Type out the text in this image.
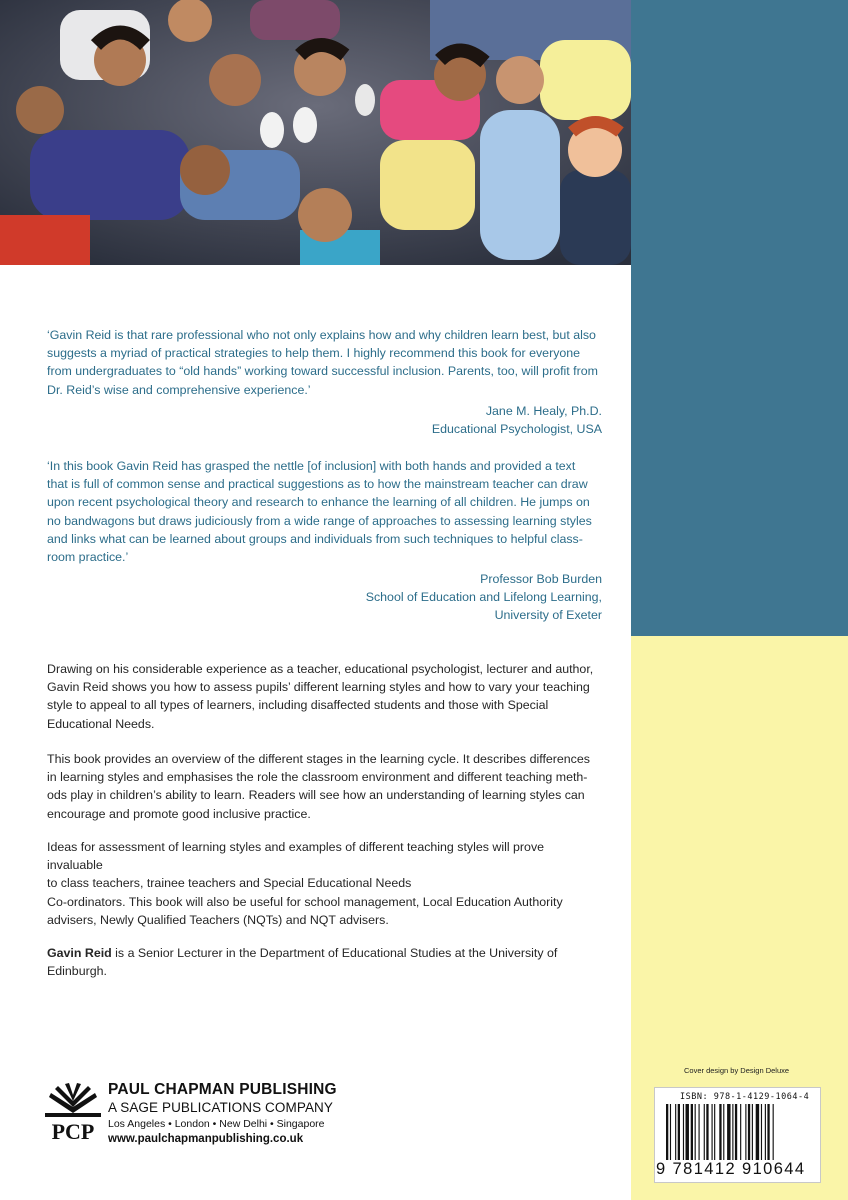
‘Gavin Reid is that rare professional who not only explains how and why children learn best, but also

suggests a myriad of practical strategies to help them. I highly recommend this book for everyone

from undergraduates to “old hands” working toward successful inclusion. Parents, too, will profit from

Dr. Reid’s wise and comprehensive experience.’

Jane M. Healy, Ph.D.
Educational Psychologist, USA

‘In this book Gavin Reid has grasped the nettle [of inclusion] with both hands and provided a text

that is full of common sense and practical suggestions as to how the mainstream teacher can draw

upon recent psychological theory and research to enhance the learning of all children. He jumps on

no bandwagons but draws judiciously from a wide range of approaches to assessing learning styles

and links what can be learned about groups and individuals from such techniques to helpful class-

room practice.’

Professor Bob Burden
School of Education and Lifelong Learning,
University of Exeter

Drawing on his considerable experience as a teacher, educational psychologist, lecturer and author,

Gavin Reid shows you how to assess pupils’ different learning styles and how to vary your teaching

style to appeal to all types of learners, including disaffected students and those with Special

Educational Needs.

This book provides an overview of the different stages in the learning cycle. It describes differences

in learning styles and emphasises the role the classroom environment and different teaching meth-

ods play in children’s ability to learn. Readers will see how an understanding of learning styles can

encourage and promote good inclusive practice.

Ideas for assessment of learning styles and examples of different teaching styles will prove invaluable

to class teachers, trainee teachers and Special Educational Needs

Co-ordinators. This book will also be useful for school management, Local Education Authority

advisers, Newly Qualified Teachers (NQTs) and NQT advisers.

Gavin Reid is a Senior Lecturer in the Department of Educational Studies at the University of
Edinburgh.
PCP
PAUL CHAPMAN PUBLISHING
A SAGE PUBLICATIONS COMPANY
Los Angeles • London • New Delhi • Singapore
www.paulchapmanpublishing.co.uk
Cover design by Design Deluxe
ISBN: 978-1-4129-1064-4
9 781412 910644
